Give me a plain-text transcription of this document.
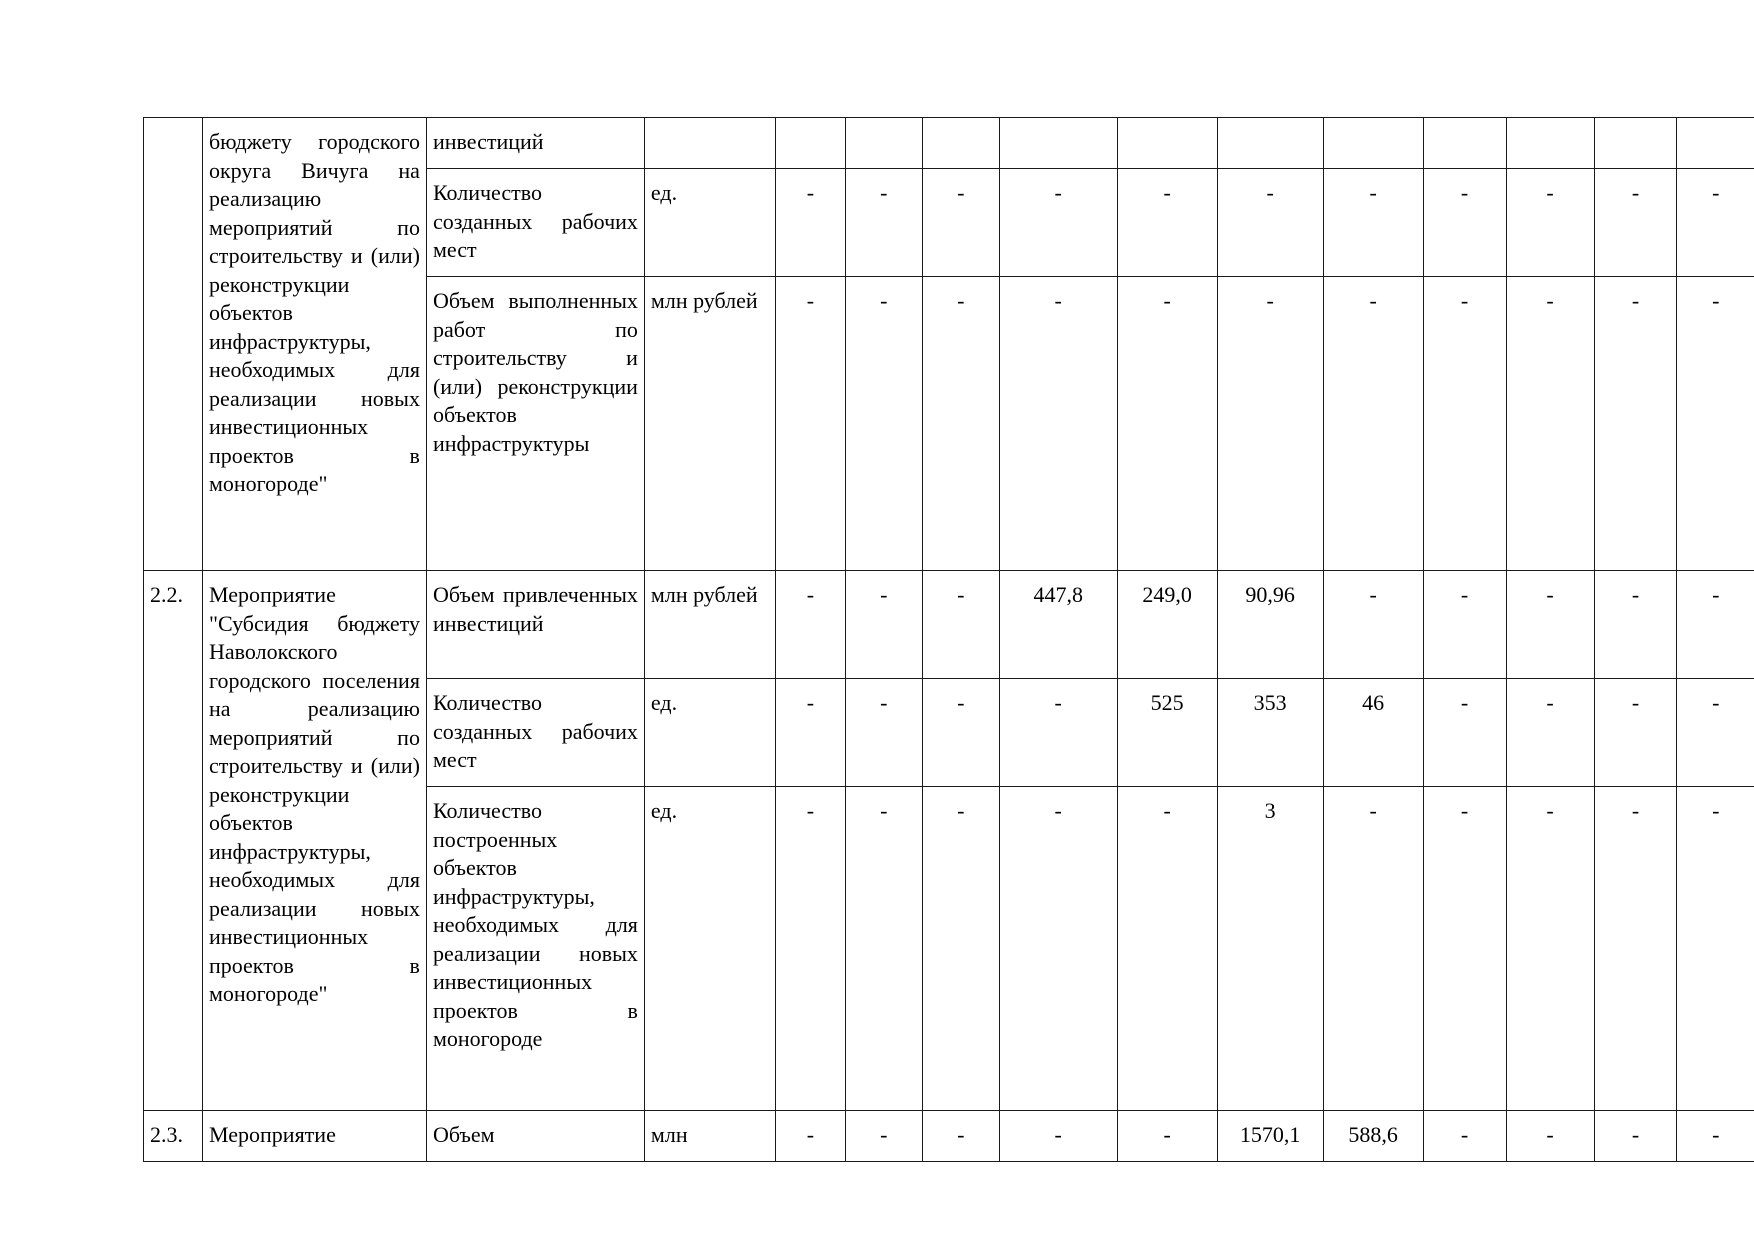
	бюджету городского округа Вичуга на реализацию мероприятий по строительству и (или) реконструкции объектов инфраструктуры, необходимых для реализации новых инвестиционных проектов в моногороде"	инвестиций												
		Количество созданных рабочих мест	ед.	-	-	-	-	-	-	-	-	-	-	-
		Объем выполненных работ по строительству и (или) реконструкции объектов инфраструктуры	млн рублей	-	-	-	-	-	-	-	-	-	-	-
2.2.	Мероприятие "Субсидия бюджету Наволокского городского поселения на реализацию мероприятий по строительству и (или) реконструкции объектов инфраструктуры, необходимых для реализации новых инвестиционных проектов в моногороде"	Объем привлеченных инвестиций	млн рублей	-	-	-	447,8	249,0	90,96	-	-	-	-	-
		Количество созданных рабочих мест	ед.	-	-	-	-	525	353	46	-	-	-	-
		Количество построенных объектов инфраструктуры, необходимых для реализации новых инвестиционных проектов в моногороде	ед.	-	-	-	-	-	3	-	-	-	-	-
2.3.	Мероприятие	Объем	млн	-	-	-	-	-	1570,1	588,6	-	-	-	-
